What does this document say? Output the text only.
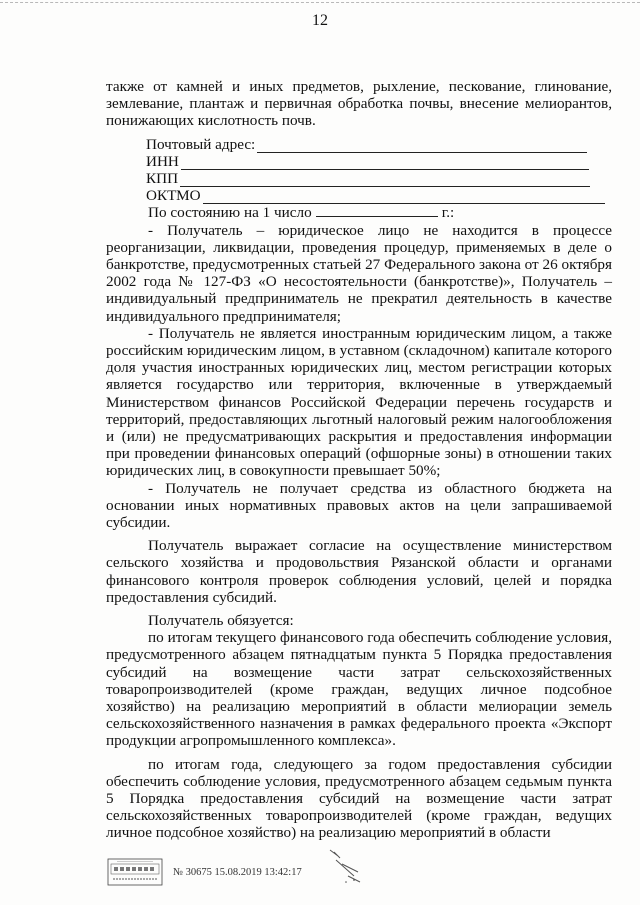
12

также от камней и иных предметов, рыхление, пескование, глинование, землевание, плантаж и первичная обработка почвы, внесение мелиорантов, понижающих кислотность почв.

Почтовый адрес:
ИНН
КПП
ОКТМО

По состоянию на 1 число	г.:

- Получатель – юридическое лицо не находится в процессе реорганизации, ликвидации, проведения процедур, применяемых в деле о банкротстве, предусмотренных статьей 27 Федерального закона от 26 октября 2002 года № 127-ФЗ «О несостоятельности (банкротстве)», Получатель – индивидуальный предприниматель не прекратил деятельность в качестве индивидуального предпринимателя;

- Получатель не является иностранным юридическим лицом, а также российским юридическим лицом, в уставном (складочном) капитале которого доля участия иностранных юридических лиц, местом регистрации которых является государство или территория, включенные в утверждаемый Министерством финансов Российской Федерации перечень государств и территорий, предоставляющих льготный налоговый режим налогообложения и (или) не предусматривающих раскрытия и предоставления информации при проведении финансовых операций (офшорные зоны) в отношении таких юридических лиц, в совокупности превышает 50%;

- Получатель не получает средства из областного бюджета на основании иных нормативных правовых актов на цели запрашиваемой субсидии.

Получатель выражает согласие на осуществление министерством сельского хозяйства и продовольствия Рязанской области и органами финансового контроля проверок соблюдения условий, целей и порядка предоставления субсидий.

Получатель обязуется:

по итогам текущего финансового года обеспечить соблюдение условия, предусмотренного абзацем пятнадцатым пункта 5 Порядка предоставления субсидий на возмещение части затрат сельскохозяйственных товаропроизводителей (кроме граждан, ведущих личное подсобное хозяйство) на реализацию мероприятий в области мелиорации земель сельскохозяйственного назначения в рамках федерального проекта «Экспорт продукции агропромышленного комплекса».

по итогам года, следующего за годом предоставления субсидии обеспечить соблюдение условия, предусмотренного абзацем седьмым пункта 5 Порядка предоставления субсидий на возмещение части затрат сельскохозяйственных товаропроизводителей (кроме граждан, ведущих личное подсобное хозяйство) на реализацию мероприятий в области

№ 30675 15.08.2019 13:42:17
